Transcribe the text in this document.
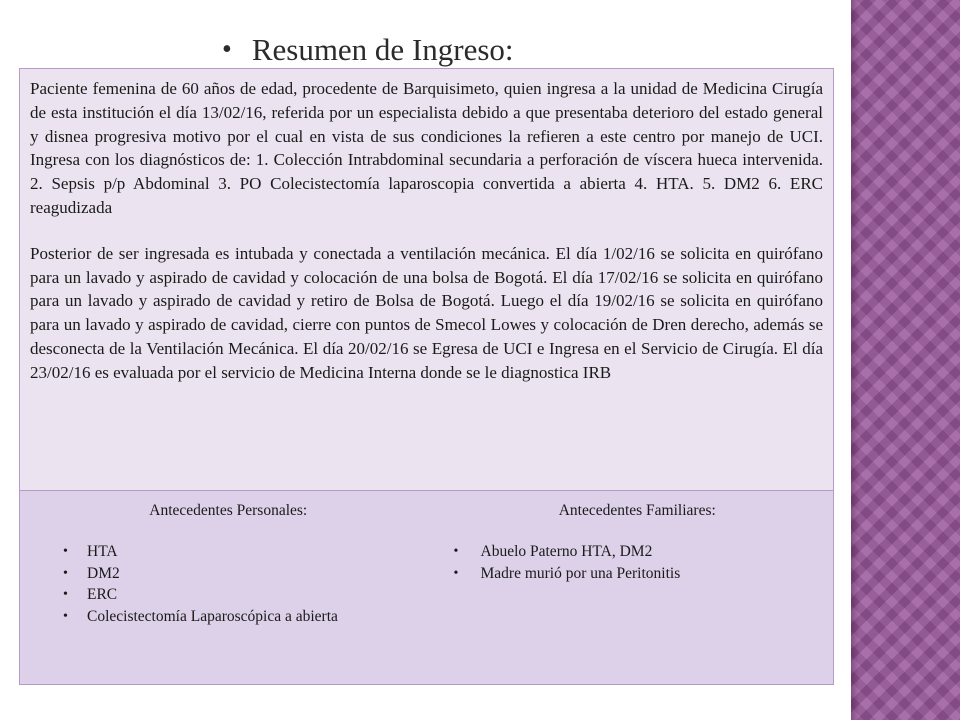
• Resumen de Ingreso:

Paciente femenina de 60 años de edad, procedente de Barquisimeto, quien ingresa a la unidad de Medicina Cirugía de esta institución el día 13/02/16, referida por un especialista debido a que presentaba deterioro del estado general y disnea progresiva motivo por el cual en vista de sus condiciones la refieren a este centro por manejo de UCI. Ingresa con los diagnósticos de: 1. Colección Intrabdominal secundaria a perforación de víscera hueca intervenida. 2. Sepsis p/p Abdominal 3. PO Colecistectomía laparoscopia convertida a abierta 4. HTA. 5. DM2 6. ERC reagudizada

Posterior de ser ingresada es intubada y conectada a ventilación mecánica. El día 1/02/16 se solicita en quirófano para un lavado y aspirado de cavidad y colocación de una bolsa de Bogotá. El día 17/02/16 se solicita en quirófano para un lavado y aspirado de cavidad y retiro de Bolsa de Bogotá. Luego el día 19/02/16 se solicita en quirófano para un lavado y aspirado de cavidad, cierre con puntos de Smecol Lowes y colocación de Dren derecho, además se desconecta de la Ventilación Mecánica. El día 20/02/16 se Egresa de UCI e Ingresa en el Servicio de Cirugía. El día 23/02/16 es evaluada por el servicio de Medicina Interna donde se le diagnostica IRB

Antecedentes Personales:
• HTA
• DM2
• ERC
• Colecistectomía Laparoscópica a abierta
Antecedentes Familiares:
• Abuelo Paterno HTA, DM2
• Madre murió por una Peritonitis
